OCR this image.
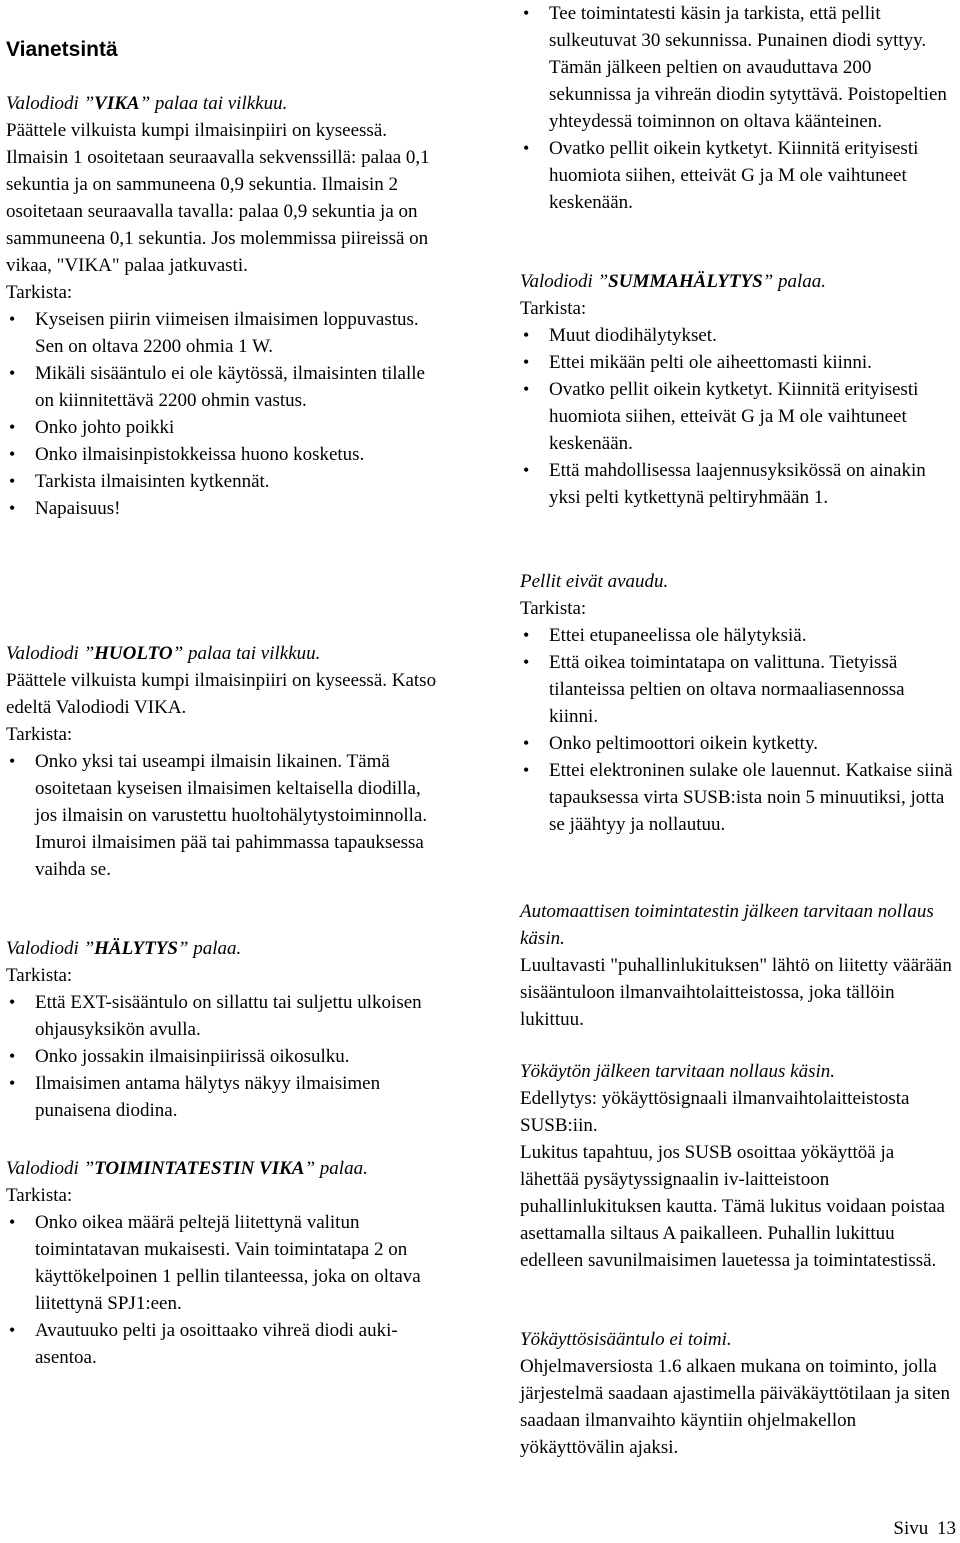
Vianetsintä

Valodiodi ”VIKA” palaa tai vilkkuu.

Päättele vilkuista kumpi ilmaisinpiiri on kyseessä. Ilmaisin 1 osoitetaan seuraavalla sekvenssillä: palaa 0,1 sekuntia ja on sammuneena 0,9 sekuntia. Ilmaisin 2 osoitetaan seuraavalla tavalla: palaa 0,9 sekuntia ja on sammuneena 0,1 sekuntia. Jos molemmissa piireissä on vikaa, "VIKA" palaa jatkuvasti.

Tarkista:

• Kyseisen piirin viimeisen ilmaisimen loppuvastus. Sen on oltava 2200 ohmia 1 W.
• Mikäli sisääntulo ei ole käytössä, ilmaisinten tilalle on kiinnitettävä 2200 ohmin vastus.
• Onko johto poikki
• Onko ilmaisinpistokkeissa huono kosketus.
• Tarkista ilmaisinten kytkennät.
• Napaisuus!

Valodiodi ”HUOLTO” palaa tai vilkkuu.

Päättele vilkuista kumpi ilmaisinpiiri on kyseessä. Katso edeltä Valodiodi VIKA.

Tarkista:

• Onko yksi tai useampi ilmaisin likainen. Tämä osoitetaan kyseisen ilmaisimen keltaisella diodilla, jos ilmaisin on varustettu huoltohälytystoiminnolla. Imuroi ilmaisimen pää tai pahimmassa tapauksessa vaihda se.

Valodiodi ”HÄLYTYS” palaa.

Tarkista:

• Että EXT-sisääntulo on sillattu tai suljettu ulkoisen ohjausyksikön avulla.
• Onko jossakin ilmaisinpiirissä oikosulku.
• Ilmaisimen antama hälytys näkyy ilmaisimen punaisena diodina.

Valodiodi ”TOIMINTATESTIN VIKA” palaa.

Tarkista:

• Onko oikea määrä peltejä liitettynä valitun toimintatavan mukaisesti. Vain toimintatapa 2 on käyttökelpoinen 1 pellin tilanteessa, joka on oltava liitettynä SPJ1:een.
• Avautuuko pelti ja osoittaako vihreä diodi auki-asentoa.
• Tee toimintatesti käsin ja tarkista, että pellit sulkeutuvat 30 sekunnissa. Punainen diodi syttyy. Tämän jälkeen peltien on avauduttava 200 sekunnissa ja vihreän diodin sytyttävä. Poistopeltien yhteydessä toiminnon on oltava käänteinen.
• Ovatko pellit oikein kytketyt. Kiinnitä erityisesti huomiota siihen, etteivät G ja M ole vaihtuneet keskenään.

Valodiodi ”SUMMAHÄLYTYS” palaa.

Tarkista:

• Muut diodihälytykset.
• Ettei mikään pelti ole aiheettomasti kiinni.
• Ovatko pellit oikein kytketyt. Kiinnitä erityisesti huomiota siihen, etteivät G ja M ole vaihtuneet keskenään.
• Että mahdollisessa laajennusyksikössä on ainakin yksi pelti kytkettynä peltiryhmään 1.

Pellit eivät avaudu.

Tarkista:

• Ettei etupaneelissa ole hälytyksiä.
• Että oikea toimintatapa on valittuna. Tietyissä tilanteissa peltien on oltava normaaliasennossa kiinni.
• Onko peltimoottori oikein kytketty.
• Ettei elektroninen sulake ole lauennut. Katkaise siinä tapauksessa virta SUSB:ista noin 5 minuutiksi, jotta se jäähtyy ja nollautuu.

Automaattisen toimintatestin jälkeen tarvitaan nollaus käsin.

Luultavasti "puhallinlukituksen" lähtö on liitetty väärään sisääntuloon ilmanvaihtolaitteistossa, joka tällöin lukittuu.

Yökäytön jälkeen tarvitaan nollaus käsin.

Edellytys: yökäyttösignaali ilmanvaihtolaitteistosta SUSB:iin.

Lukitus tapahtuu, jos SUSB osoittaa yökäyttöä ja lähettää pysäytyssignaalin iv-laitteistoon puhallinlukituksen kautta. Tämä lukitus voidaan poistaa asettamalla siltaus A paikalleen. Puhallin lukittuu edelleen savunilmaisimen lauetessa ja toimintatestissä.

Yökäyttösisääntulo ei toimi.

Ohjelmaversiosta 1.6 alkaen mukana on toiminto, jolla järjestelmä saadaan ajastimella päiväkäyttötilaan ja siten saadaan ilmanvaihto käyntiin ohjelmakellon yökäyttövälin ajaksi.

Sivu 13
